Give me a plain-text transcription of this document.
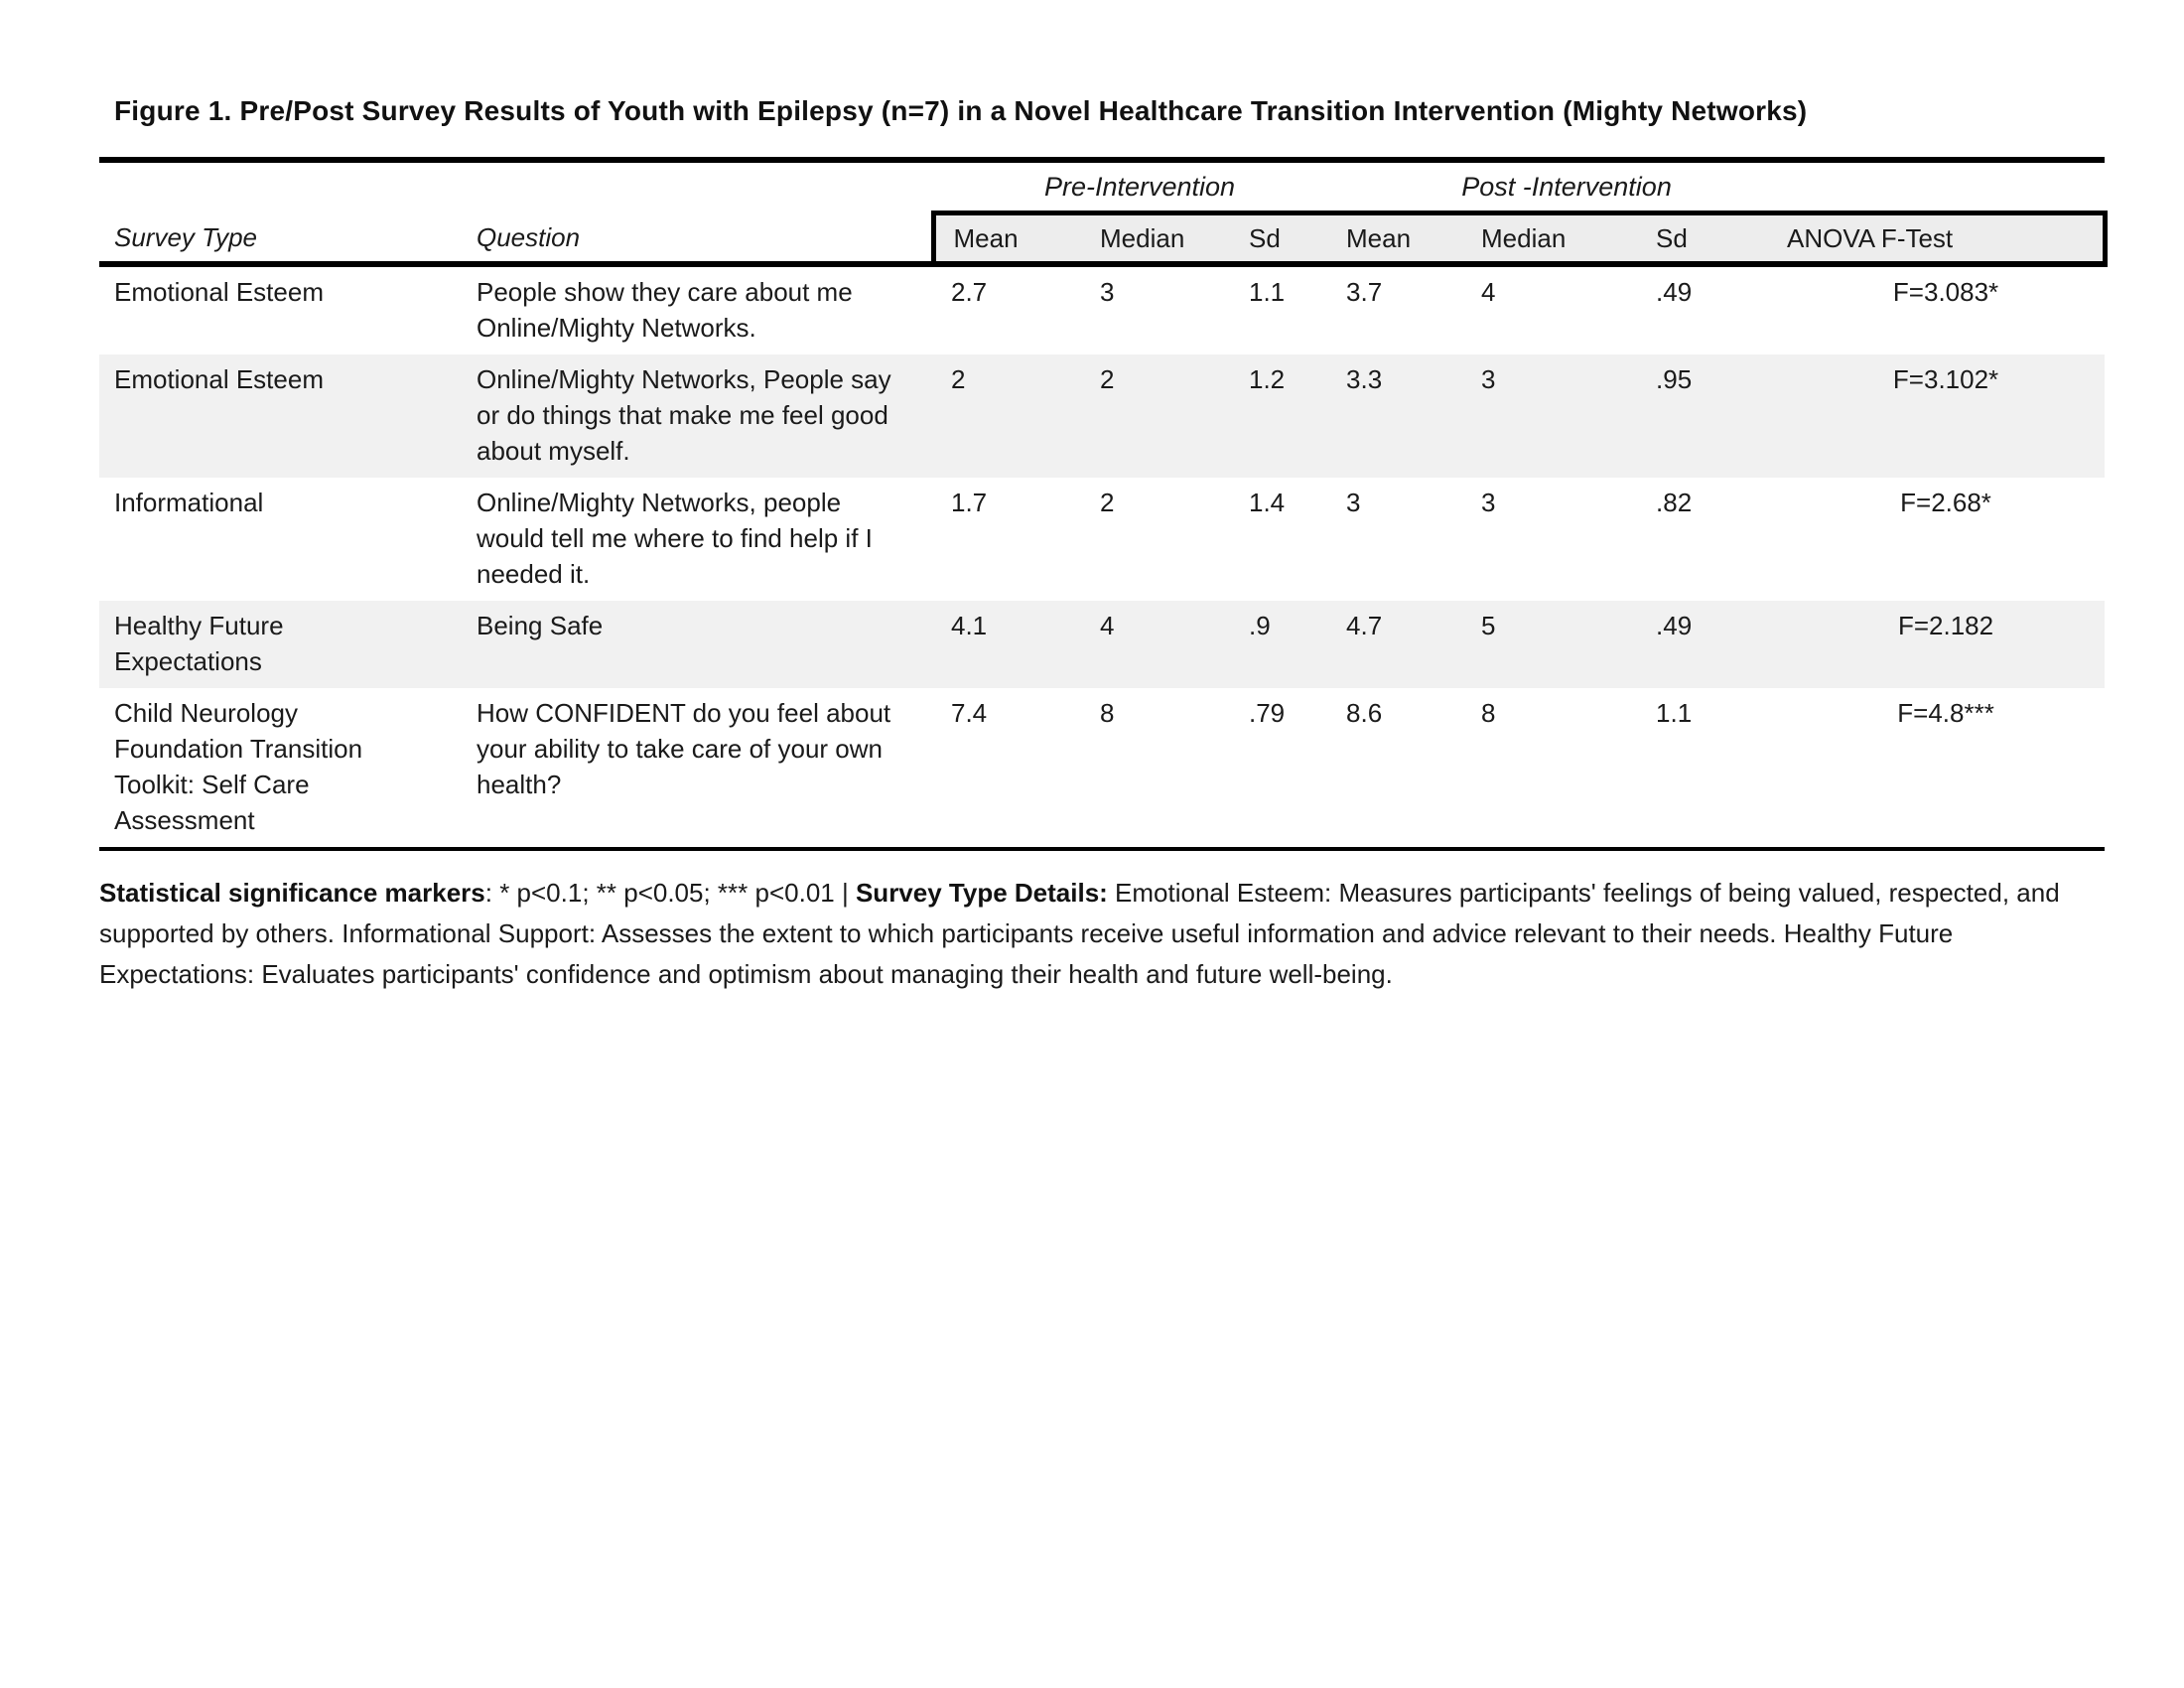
Figure 1. Pre/Post Survey Results of Youth with Epilepsy (n=7) in a Novel Healthcare Transition Intervention (Mighty Networks)
		Pre-Intervention			Post -Intervention			
Survey Type	Question	Mean	Median	Sd	Mean	Median	Sd	ANOVA F-Test
Emotional Esteem	People show they care about me Online/Mighty Networks.	2.7	3	1.1	3.7	4	.49	F=3.083*
Emotional Esteem	Online/Mighty Networks, People say or do things that make me feel good about myself.	2	2	1.2	3.3	3	.95	F=3.102*
Informational	Online/Mighty Networks, people would tell me where to find help if I needed it.	1.7	2	1.4	3	3	.82	F=2.68*
Healthy Future Expectations	Being Safe	4.1	4	.9	4.7	5	.49	F=2.182
Child Neurology Foundation Transition Toolkit: Self Care Assessment	How CONFIDENT do you feel about your ability to take care of your own health?	7.4	8	.79	8.6	8	1.1	F=4.8***

Statistical significance markers: * p<0.1; ** p<0.05; *** p<0.01 | Survey Type Details: Emotional Esteem: Measures participants' feelings of being valued, respected, and supported by others. Informational Support: Assesses the extent to which participants receive useful information and advice relevant to their needs. Healthy Future Expectations: Evaluates participants' confidence and optimism about managing their health and future well-being.
